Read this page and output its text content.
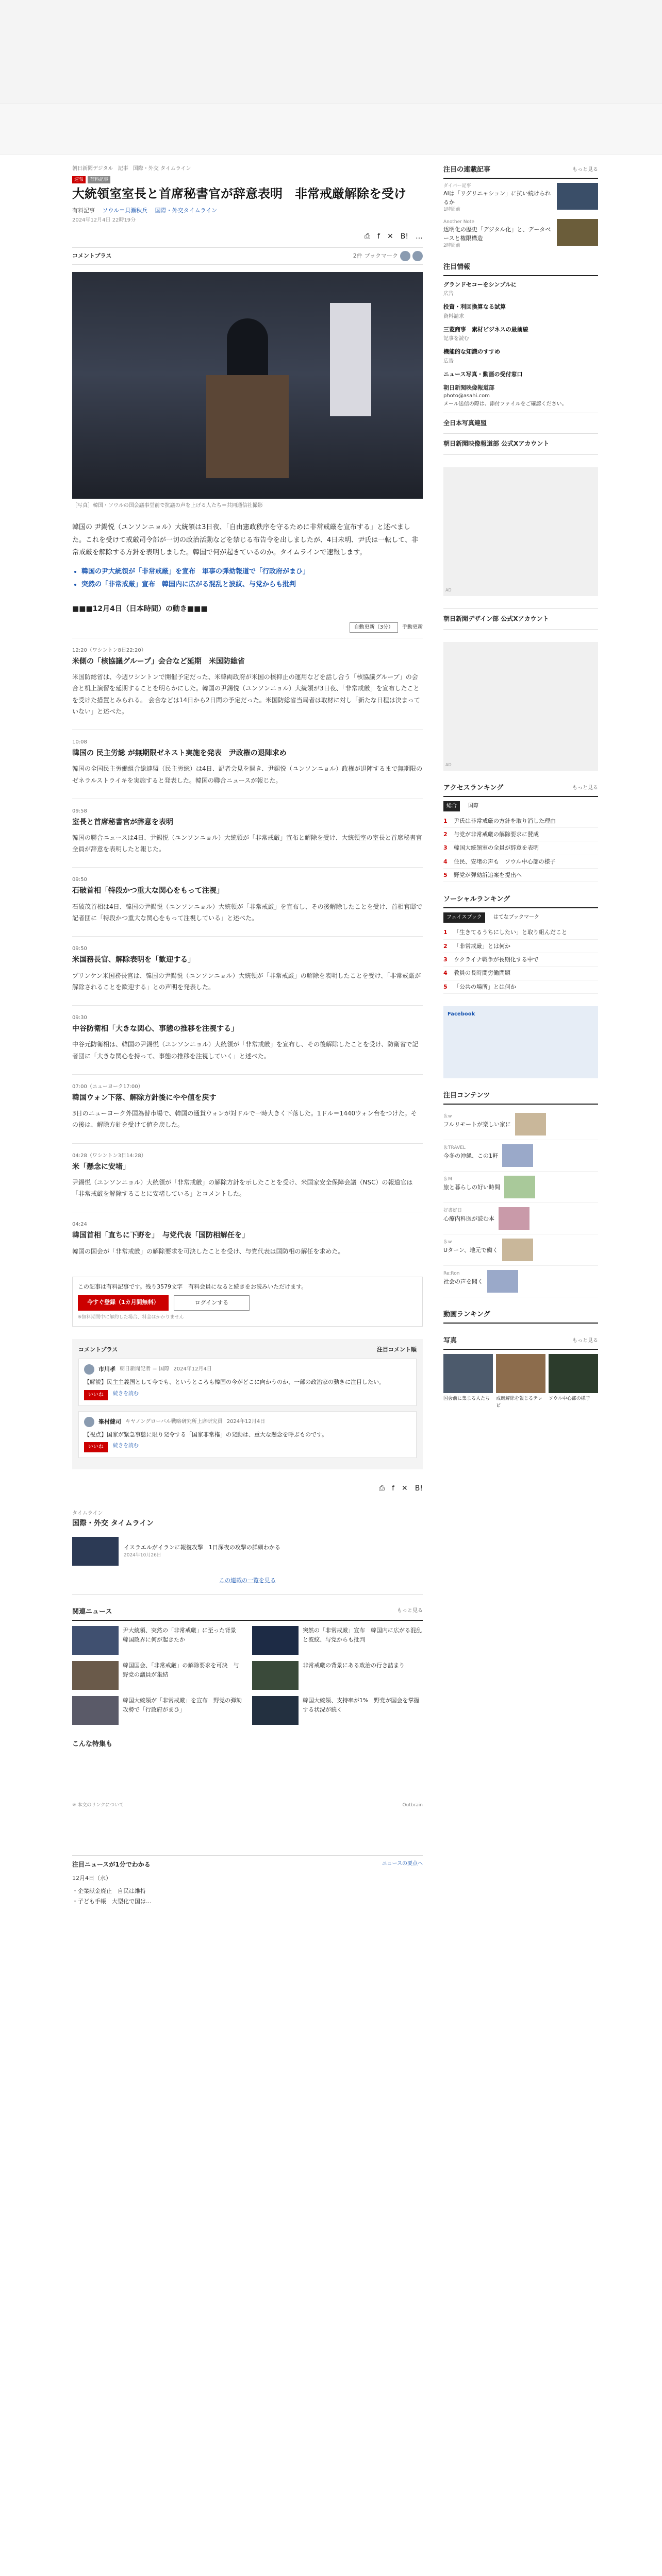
朝日新聞デジタル 記事 国際・外交 タイムライン
速報	有料記事
大統領室室長と首席秘書官が辞意表明　非常戒厳解除を受け
有料記事　 ソウル＝貝瀬秋兵　 国際・外交タイムライン
2024年12月4日 22時19分
⎙ f ✕ B! …
コメントプラス	2件 ブックマーク
［写真］韓国・ソウルの国会議事堂前で抗議の声を上げる人たち＝共同通信社撮影

韓国の 尹錫悦（ユンソンニョル）大統領は3日夜、「自由憲政秩序を守るために非常戒厳を宣布する」と述べました。これを受けて戒厳司令部が一切の政治活動などを禁じる布告令を出しましたが、4日未明、尹氏は一転して、非常戒厳を解除する方針を表明しました。韓国で何が起きているのか。タイムラインで速報します。

• 韓国の尹大統領が「非常戒厳」を宣布　軍事の弾劾報道で「行政府がまひ」
• 突然の「非常戒厳」宣布　韓国内に広がる混乱と波紋、与党からも批判
■■■12月4日（日本時間）の動き■■■
自動更新（3分）	手動更新
12:20（ワシントン8日22:20）
米側の「核協議グループ」会合など延期　米国防総省

米国防総省は、今週ワシントンで開催予定だった、米韓両政府が米国の核抑止の運用などを話し合う「核協議グループ」の会合と机上演習を延期することを明らかにした。韓国の尹錫悦（ユンソンニョル）大統領が3日夜、「非常戒厳」を宣布したことを受けた措置とみられる。 会合などは14日から2日間の予定だった。米国防総省当局者は取材に対し「新たな日程は決まっていない」と述べた。

10:08
韓国の 民主労総 が無期限ゼネスト実施を発表　尹政権の退陣求め

韓国の全国民主労働組合総連盟（民主労総）は4日、記者会見を開き、尹錫悦（ユンソンニョル）政権が退陣するまで無期限のゼネラルストライキを実施すると発表した。韓国の聯合ニュースが報じた。

09:58
室長と首席秘書官が辞意を表明

韓国の聯合ニュースは4日、尹錫悦（ユンソンニョル）大統領が「非常戒厳」宣布と解除を受け、大統領室の室長と首席秘書官全員が辞意を表明したと報じた。

09:50
石破首相「特段かつ重大な関心をもって注視」

石破茂首相は4日、韓国の尹錫悦（ユンソンニョル）大統領が「非常戒厳」を宣布し、その後解除したことを受け、首相官邸で記者団に「特段かつ重大な関心をもって注視している」と述べた。

09:50
米国務長官、解除表明を「歓迎する」

ブリンケン米国務長官は、韓国の尹錫悦（ユンソンニョル）大統領が「非常戒厳」の解除を表明したことを受け、「非常戒厳が解除されることを歓迎する」との声明を発表した。

09:30
中谷防衛相「大きな関心、事態の推移を注視する」

中谷元防衛相は、韓国の尹錫悦（ユンソンニョル）大統領が「非常戒厳」を宣布し、その後解除したことを受け、防衛省で記者団に「大きな関心を持って、事態の推移を注視していく」と述べた。

07:00（ニューヨーク17:00）
韓国ウォン下落、解除方針後にやや値を戻す

3日のニューヨーク外国為替市場で、韓国の通貨ウォンが対ドルで一時大きく下落した。1ドル＝1440ウォン台をつけた。その後は、解除方針を受けて値を戻した。

04:28（ワシントン3日14:28）
米「懸念に安堵」

尹錫悦（ユンソンニョル）大統領が「非常戒厳」の解除方針を示したことを受け、米国家安全保障会議（NSC）の報道官は「非常戒厳を解除することに安堵している」とコメントした。

04:24
韓国首相「直ちに下野を」　与党代表「国防相解任を」

韓国の国会が「非常戒厳」の解除要求を可決したことを受け、与党代表は国防相の解任を求めた。

この記事は有料記事です。残り3579文字　有料会員になると続きをお読みいただけます。
今すぐ登録（1カ月間無料）	ログインする
※無料期間中に解約した場合、料金はかかりません
コメントプラス	注目コメント順
市川孝 朝日新聞記者 ＝ 国際 2024年12月4日
【解説】民主主義国として今でも、というところも韓国の今がどこに向かうのか、一部の政治家の動きに注目したい。
いいね	続きを読む
峯村健司 キヤノングローバル戦略研究所上席研究員 2024年12月4日
【視点】国家が緊急事態に限り発令する「国家非常権」の発動は、重大な懸念を呼ぶものです。
いいね	続きを読む
⎙ f ✕ B!
タイムライン
国際・外交 タイムライン
イスラエルがイランに報復攻撃　1日深夜の攻撃の詳細わかる
2024年10月26日
この連載の一覧を見る
関連ニュース	もっと見る
尹大統領、突然の「非常戒厳」に至った背景　韓国政界に何が起きたか
突然の「非常戒厳」宣布　韓国内に広がる混乱と波紋、与党からも批判
韓国国会、「非常戒厳」の解除要求を可決　与野党の議員が集結
非常戒厳の背景にある政治の行き詰まり
韓国大統領が「非常戒厳」を宣布　野党の弾劾攻勢で「行政府がまひ」
韓国大統領、支持率が1%　野党が国会を掌握する状況が続く
こんな特集も
※ 本文のリンクについて	Outbrain
注目ニュースが1分でわかる	ニュースの要点へ
12月4日（水）
・ 企業献金廃止　自民は維持
・ 子ども手帳　大型化で国は…
注目の連載記事	もっと見る
ダイバー記事
AIは「リグリニャション」に抗い続けられるか
1時間前
Another Note
透明化の歴史「デジタル化」と、データベースと権限構造
2時間前
注目情報
グランドセコーをシンプルに
広告
投資・利回換算なる試算
資料請求
三菱商事　素材ビジネスの最前線
記事を読む
機能的な知識のすすめ
広告
ニュース写真・動画の受付窓口
朝日新聞映像報道部
photo@asahi.com
メール送信の際は、添付ファイルをご確認ください。
全日本写真連盟
朝日新聞映像報道部 公式Xアカウント
AD
朝日新聞デザイン部 公式Xアカウント
AD
アクセスランキング	もっと見る
総合	国際
1	尹氏は非常戒厳の方針を取り消した理由
2	与党が非常戒厳の解除要求に賛成
3	韓国大統領室の全員が辞意を表明
4	住民、安堵の声も　ソウル中心部の様子
5	野党が弾劾訴追案を提出へ
ソーシャルランキング
フェイスブック	はてなブックマーク
1	「生きてるうちにしたい」と取り組んだこと
2	「非常戒厳」とは何か
3	ウクライナ戦争が長期化する中で
4	教員の長時間労働問題
5	「公共の場所」とは何か
Facebook
注目コンテンツ
＆w
フルリモートが楽しい家に
＆TRAVEL
今冬の沖縄、この1軒
＆M
旅と暮らしの好い時間
好書好日
心療内科医が読む本
＆w
Uターン、地元で働く
Re:Ron
社会の声を聞く
動画ランキング
写真	もっと見る
国会前に集まる人たち	戒厳解除を報じるテレビ
ソウル中心部の様子
